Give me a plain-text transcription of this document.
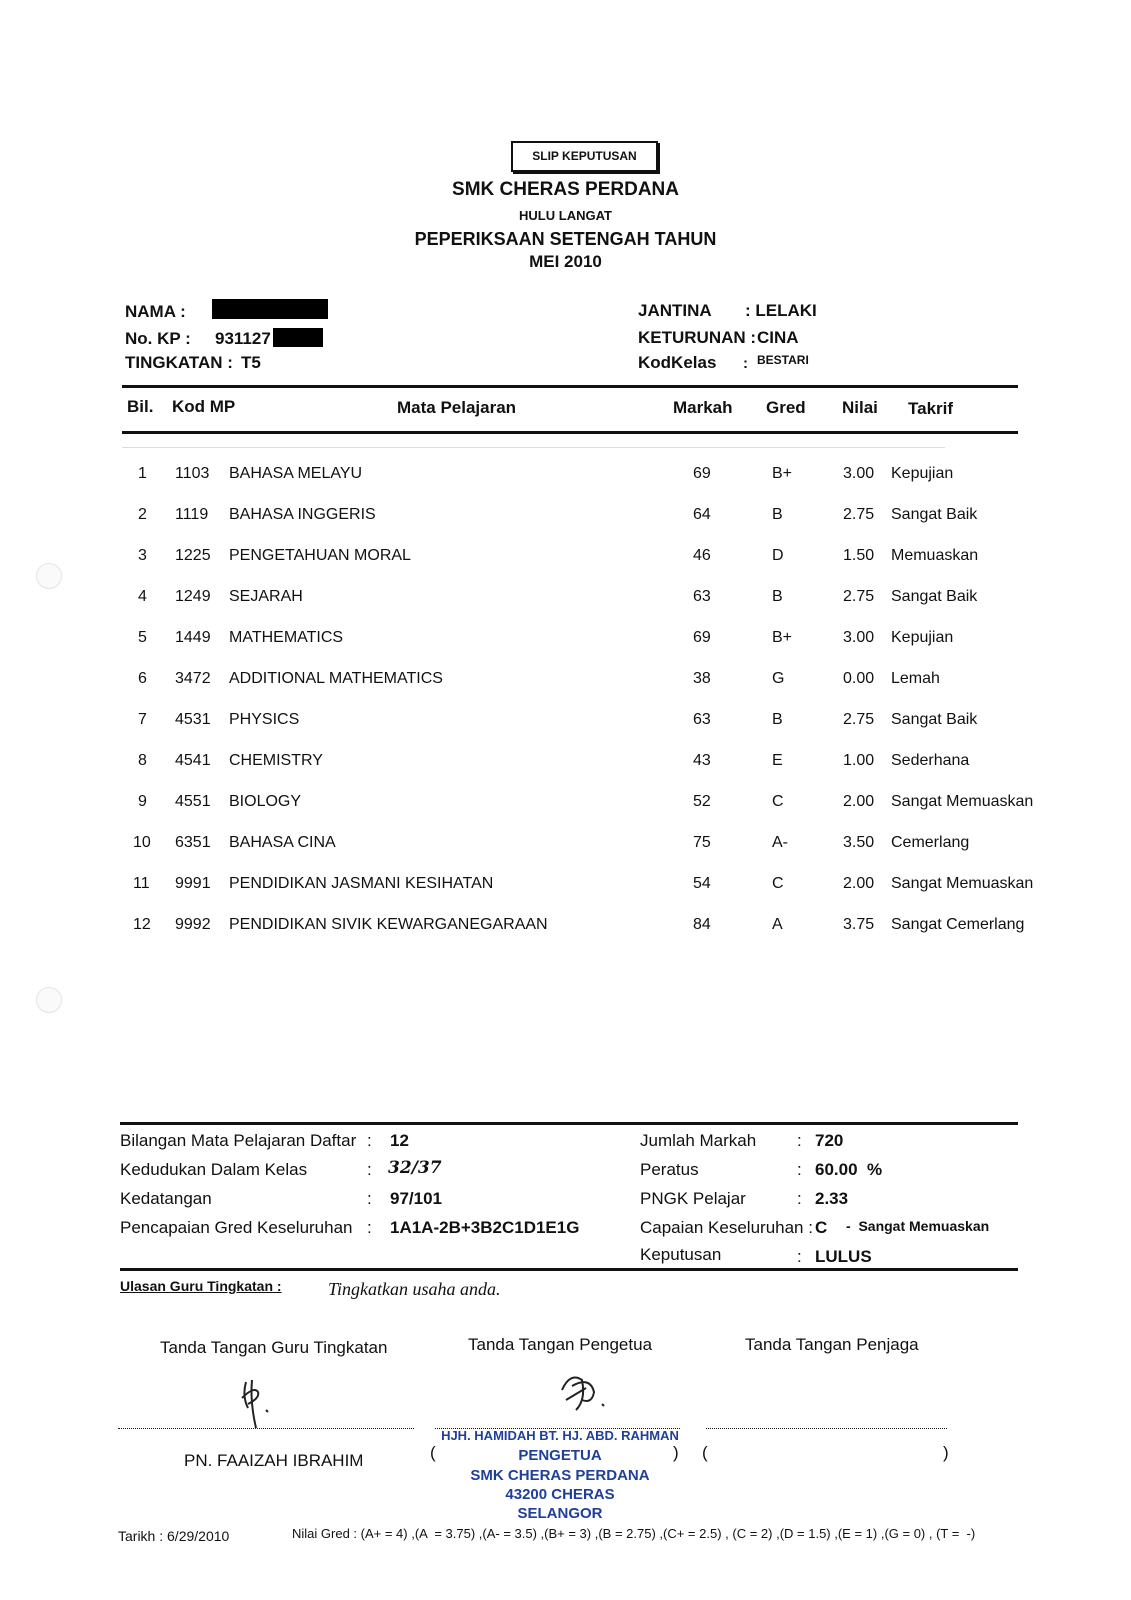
SLIP KEPUTUSAN
SMK CHERAS PERDANA
HULU LANGAT
PEPERIKSAAN SETENGAH TAHUN
MEI 2010
NAMA :
No. KP : 931127
TINGKATAN : T5
JANTINA : LELAKI
KETURUNAN : CINA
KodKelas : BESTARI
Bil. Kod MP	Mata Pelajaran	Markah Gred Nilai Takrif
1 1103 BAHASA MELAYU	69	B+	3.00 Kepujian
2 1119 BAHASA INGGERIS	64	B	2.75 Sangat Baik
3 1225 PENGETAHUAN MORAL	46	D	1.50 Memuaskan
4 1249 SEJARAH	63	B	2.75 Sangat Baik
5 1449 MATHEMATICS	69	B+	3.00 Kepujian
6 3472 ADDITIONAL MATHEMATICS	38	G	0.00 Lemah
7 4531 PHYSICS	63	B	2.75 Sangat Baik
8 4541 CHEMISTRY	43	E	1.00 Sederhana
9 4551 BIOLOGY	52	C	2.00 Sangat Memuaskan
10 6351 BAHASA CINA	75	A-	3.50 Cemerlang
11 9991 PENDIDIKAN JASMANI KESIHATAN	54	C	2.00 Sangat Memuaskan
12 9992 PENDIDIKAN SIVIK KEWARGANEGARAAN	84	A	3.75 Sangat Cemerlang
Bilangan Mata Pelajaran Daftar : 12
Kedudukan Dalam Kelas	: 32/37
Kedatangan	: 97/101
Pencapaian Gred Keseluruhan : 1A1A-2B+3B2C1D1E1G
Jumlah Markah : 720
Peratus	: 60.00  %
PNGK Pelajar	: 2.33
Capaian Keseluruhan : C -  Sangat Memuaskan
Keputusan	: LULUS
Ulasan Guru Tingkatan :	Tingkatkan usaha anda.
Tanda Tangan Guru Tingkatan	Tanda Tangan Pengetua	Tanda Tangan Penjaga
PN. FAAIZAH IBRAHIM	(	) (	)
HJH. HAMIDAH BT. HJ. ABD. RAHMAN
PENGETUA
SMK CHERAS PERDANA
43200 CHERAS
SELANGOR
Tarikh : 6/29/2010	Nilai Gred : (A+ = 4) ,(A  = 3.75) ,(A- = 3.5) ,(B+ = 3) ,(B = 2.75) ,(C+ = 2.5) , (C = 2) ,(D = 1.5) ,(E = 1) ,(G = 0) , (T =  -)
